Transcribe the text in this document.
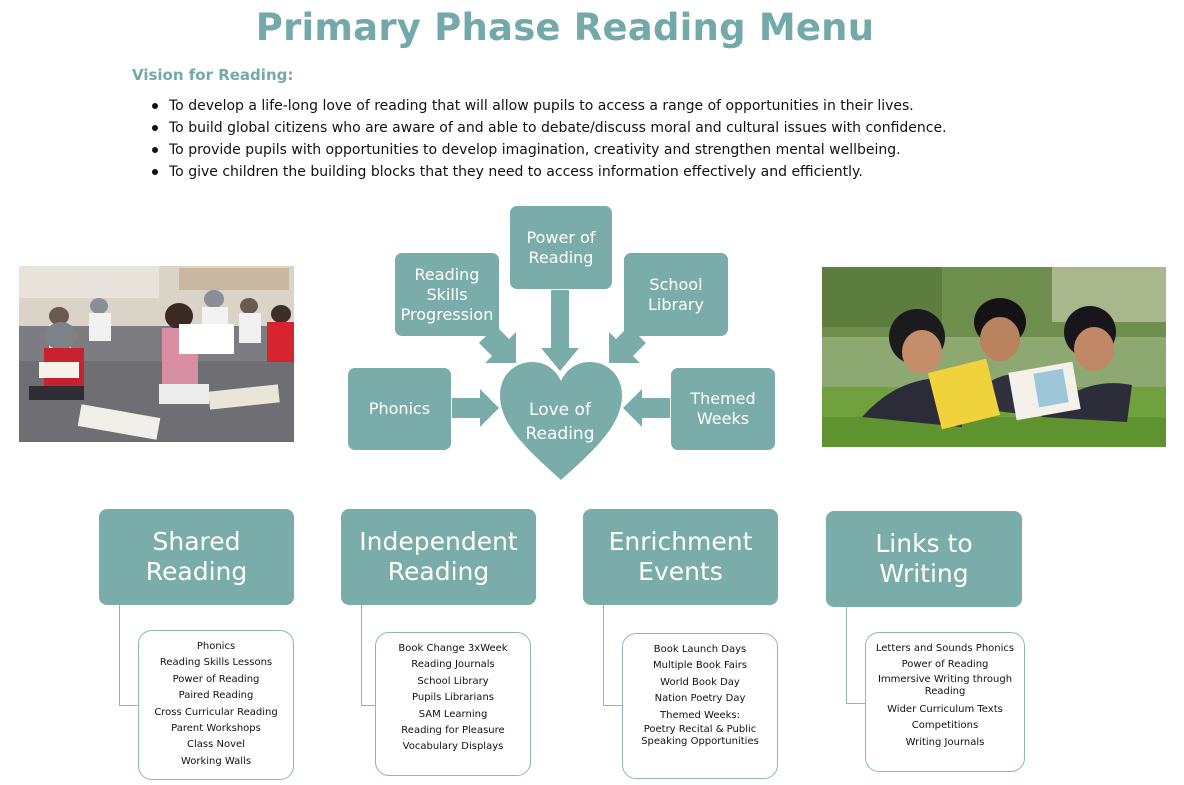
Primary Phase Reading Menu
Vision for Reading:
To develop a life-long love of reading that will allow pupils to access a range of opportunities in their lives.
To build global citizens who are aware of and able to debate/discuss moral and cultural issues with confidence.
To provide pupils with opportunities to develop imagination, creativity and strengthen mental wellbeing.
To give children the building blocks that they need to access information effectively and efficiently.
Power of
Reading
Reading
Skills
Progression
School
Library
Phonics
Themed
Weeks
Love of
Reading
Shared
Reading
Phonics
Reading Skills Lessons
Power of Reading
Paired Reading
Cross Curricular Reading
Parent Workshops
Class Novel
Working Walls
Independent
Reading
Book Change 3xWeek
Reading Journals
School Library
Pupils Librarians
SAM Learning
Reading for Pleasure
Vocabulary Displays
Enrichment
Events
Book Launch Days
Multiple Book Fairs
World Book Day
Nation Poetry Day
Themed Weeks:
Poetry Recital & Public Speaking Opportunities
Links to
Writing
Letters and Sounds Phonics
Power of Reading
Immersive Writing through Reading
Wider Curriculum Texts
Competitions
Writing Journals
